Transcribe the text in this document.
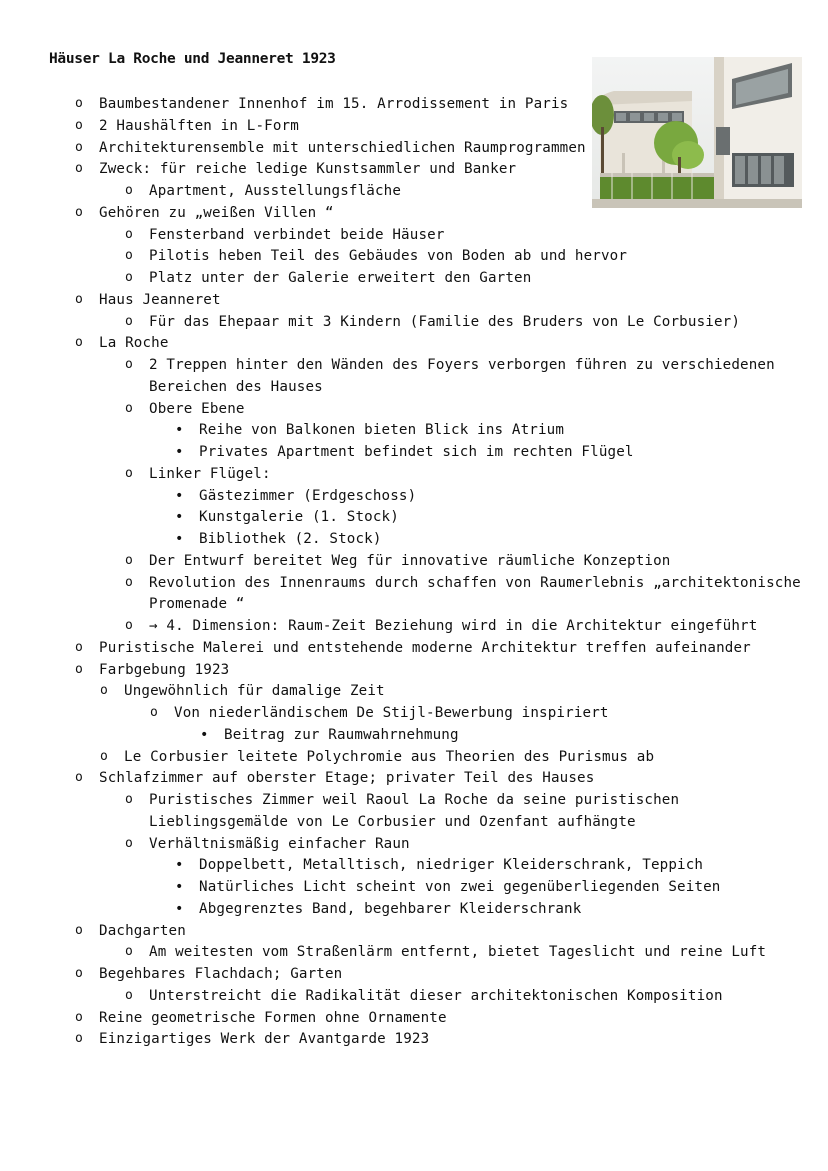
Häuser La Roche und Jeanneret 1923
o Baumbestandener Innenhof im 15. Arrodissement in Paris
o 2 Haushälften in L-Form
o Architekturensemble mit unterschiedlichen Raumprogrammen
o Zweck: für reiche ledige Kunstsammler und Banker
o Apartment, Ausstellungsfläche
o Gehören zu „weißen Villen “
o Fensterband verbindet beide Häuser
o Pilotis heben Teil des Gebäudes von Boden ab und hervor
o Platz unter der Galerie erweitert den Garten
o Haus Jeanneret
o Für das Ehepaar mit 3 Kindern (Familie des Bruders von Le Corbusier)
o La Roche
o 2 Treppen hinter den Wänden des Foyers verborgen führen zu verschiedenen
Bereichen des Hauses
o Obere Ebene
• Reihe von Balkonen bieten Blick ins Atrium
• Privates Apartment befindet sich im rechten Flügel
o Linker Flügel:
• Gästezimmer (Erdgeschoss)
• Kunstgalerie (1. Stock)
• Bibliothek (2. Stock)
o Der Entwurf bereitet Weg für innovative räumliche Konzeption
o Revolution des Innenraums durch schaffen von Raumerlebnis „architektonische
Promenade “
o → 4. Dimension: Raum-Zeit Beziehung wird in die Architektur eingeführt
o Puristische Malerei und entstehende moderne Architektur treffen aufeinander
o Farbgebung 1923
o Ungewöhnlich für damalige Zeit
o Von niederländischem De Stijl-Bewerbung inspiriert
• Beitrag zur Raumwahrnehmung
o Le Corbusier leitete Polychromie aus Theorien des Purismus ab
o Schlafzimmer auf oberster Etage; privater Teil des Hauses
o Puristisches Zimmer weil Raoul La Roche da seine puristischen
Lieblingsgemälde von Le Corbusier und Ozenfant aufhängte
o Verhältnismäßig einfacher Raun
• Doppelbett, Metalltisch, niedriger Kleiderschrank, Teppich
• Natürliches Licht scheint von zwei gegenüberliegenden Seiten
• Abgegrenztes Band, begehbarer Kleiderschrank
o Dachgarten
o Am weitesten vom Straßenlärm entfernt, bietet Tageslicht und reine Luft
o Begehbares Flachdach; Garten
o Unterstreicht die Radikalität dieser architektonischen Komposition
o Reine geometrische Formen ohne Ornamente
o Einzigartiges Werk der Avantgarde 1923
